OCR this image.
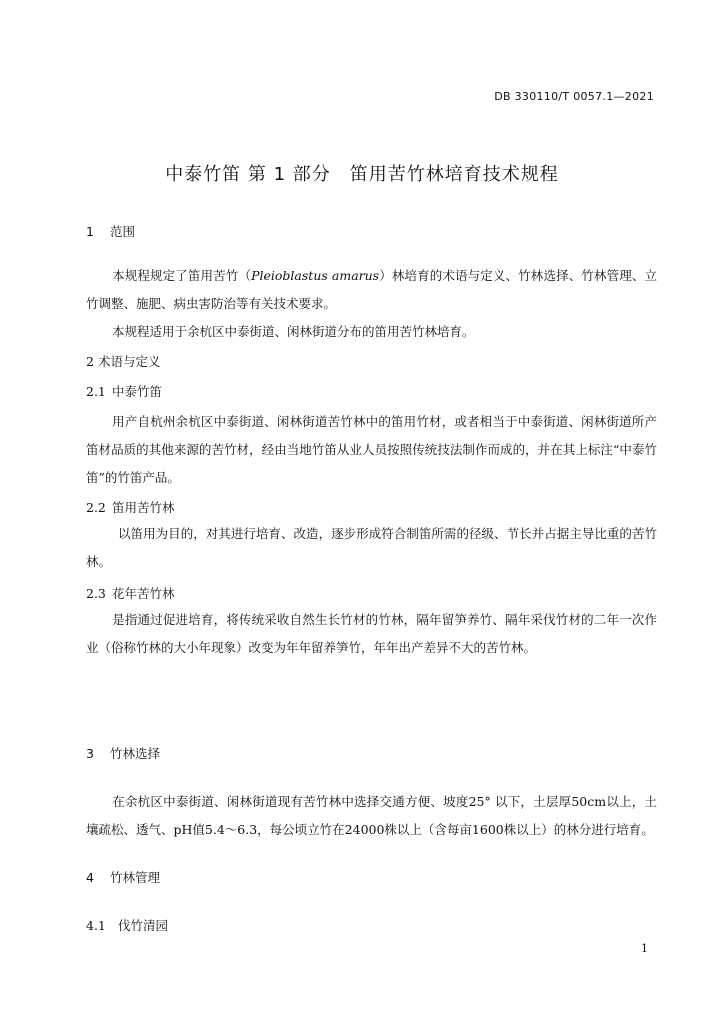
DB 330110/T 0057.1—2021
中泰竹笛 第 1 部分　笛用苦竹林培育技术规程
1 范围
本规程规定了笛用苦竹（Pleioblastus amarus）林培育的术语与定义、竹林选择、竹林管理、立竹调整、施肥、病虫害防治等有关技术要求。
本规程适用于余杭区中泰街道、闲林街道分布的笛用苦竹林培育。
2 术语与定义
2.1 中泰竹笛
用产自杭州余杭区中泰街道、闲林街道苦竹林中的笛用竹材，或者相当于中泰街道、闲林街道所产笛材品质的其他来源的苦竹材，经由当地竹笛从业人员按照传统技法制作而成的，并在其上标注“中泰竹笛”的竹笛产品。
2.2 笛用苦竹林
以笛用为目的，对其进行培育、改造，逐步形成符合制笛所需的径级、节长并占据主导比重的苦竹林。
2.3 花年苦竹林
是指通过促进培育，将传统采收自然生长竹材的竹林，隔年留笋养竹、隔年采伐竹材的二年一次作业（俗称竹林的大小年现象）改变为年年留养笋竹，年年出产差异不大的苦竹林。
3 竹林选择
在余杭区中泰街道、闲林街道现有苦竹林中选择交通方便、坡度25° 以下，土层厚50cm以上，土壤疏松、透气、pH值5.4～6.3，每公顷立竹在24000株以上（含每亩1600株以上）的林分进行培育。
4 竹林管理
4.1 伐竹清园
1
